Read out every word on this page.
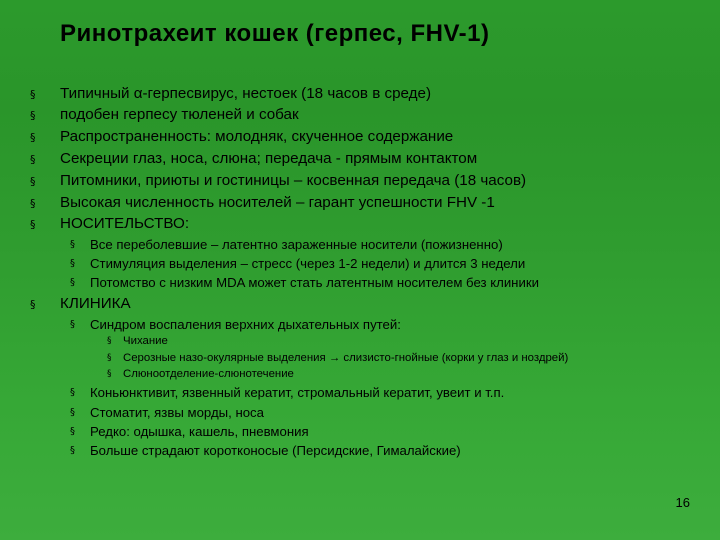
Ринотрахеит кошек (герпес, FHV-1)
§ Типичный α-герпесвирус, нестоек (18 часов в среде)
§ подобен герпесу тюленей и собак
§ Распространенность: молодняк, скученное содержание
§ Секреции глаз, носа, слюна; передача - прямым контактом
§ Питомники, приюты и гостиницы – косвенная передача (18 часов)
§ Высокая численность носителей – гарант успешности FHV -1
§ НОСИТЕЛЬСТВО:
§ Все переболевшие – латентно зараженные носители (пожизненно)
§ Стимуляция выделения – стресс (через 1-2 недели) и длится 3 недели
§ Потомство с низким MDA может стать латентным носителем без клиники
§ КЛИНИКА
§ Синдром воспаления верхних дыхательных путей:
§ Чихание
§ Серозные назо-окулярные выделения → слизисто-гнойные (корки у глаз и ноздрей)
§ Слюноотделение-слюнотечение
§ Коньюнктивит, язвенный кератит, стромальный кератит, увеит и т.п.
§ Стоматит, язвы морды, носа
§ Редко: одышка, кашель, пневмония
§ Больше страдают коротконосые (Персидские, Гималайские)
16
